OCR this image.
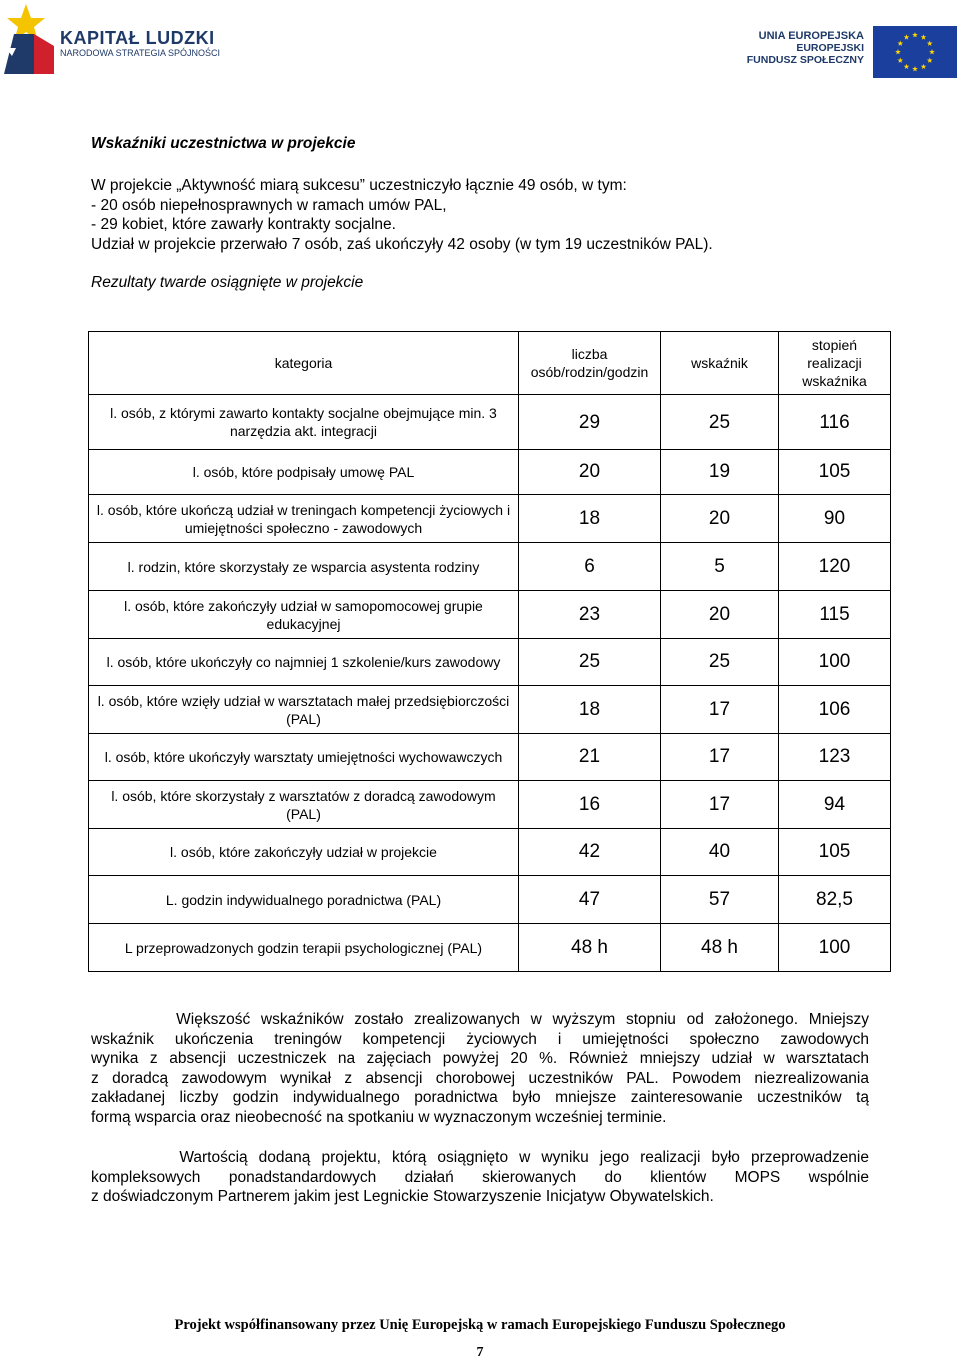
KAPITAŁ LUDZKI
NARODOWA STRATEGIA SPÓJNOŚCI
UNIA EUROPEJSKA
EUROPEJSKI
FUNDUSZ SPOŁECZNY
Wskaźniki uczestnictwa w projekcie
W projekcie „Aktywność miarą sukcesu” uczestniczyło łącznie 49 osób, w tym:
- 20 osób niepełnosprawnych w ramach umów PAL,
- 29 kobiet, które zawarły kontrakty socjalne.
Udział w projekcie przerwało 7 osób, zaś ukończyły 42 osoby (w tym 19 uczestników PAL).
Rezultaty twarde osiągnięte w projekcie
kategoria	liczba osób/rodzin/godzin	wskaźnik	stopień realizacji wskaźnika
l. osób, z którymi zawarto kontakty socjalne obejmujące min. 3 narzędzia akt. integracji	29	25	116
l. osób, które podpisały umowę PAL	20	19	105
l. osób, które ukończą udział w treningach kompetencji życiowych i umiejętności społeczno - zawodowych	18	20	90
l. rodzin, które skorzystały ze wsparcia asystenta rodziny	6	5	120
l. osób, które zakończyły udział w samopomocowej grupie edukacyjnej	23	20	115
l. osób, które ukończyły co najmniej 1 szkolenie/kurs zawodowy	25	25	100
l. osób, które wzięły udział w warsztatach małej przedsiębiorczości (PAL)	18	17	106
l. osób, które ukończyły warsztaty umiejętności wychowawczych	21	17	123
l. osób, które skorzystały z warsztatów z doradcą zawodowym (PAL)	16	17	94
l. osób, które zakończyły udział w projekcie	42	40	105
L. godzin indywidualnego poradnictwa (PAL)	47	57	82,5
L przeprowadzonych godzin terapii psychologicznej (PAL)	48 h	48 h	100
Większość wskaźników zostało zrealizowanych w wyższym stopniu od założonego. Mniejszy
wskaźnik ukończenia treningów kompetencji życiowych i umiejętności społeczno zawodowych
wynika z absencji uczestniczek na zajęciach powyżej 20 %. Również mniejszy udział w warsztatach
z doradcą zawodowym wynikał z absencji chorobowej uczestników PAL. Powodem niezrealizowania
zakładanej liczby godzin indywidualnego poradnictwa było mniejsze zainteresowanie uczestników tą
formą wsparcia oraz nieobecność na spotkaniu w wyznaczonym wcześniej terminie.
Wartością dodaną projektu, którą osiągnięto w wyniku jego realizacji było przeprowadzenie
kompleksowych ponadstandardowych działań skierowanych do klientów MOPS wspólnie
z doświadczonym Partnerem jakim jest Legnickie Stowarzyszenie Inicjatyw Obywatelskich.
Projekt współfinansowany przez Unię Europejską w ramach Europejskiego Funduszu Społecznego
7
